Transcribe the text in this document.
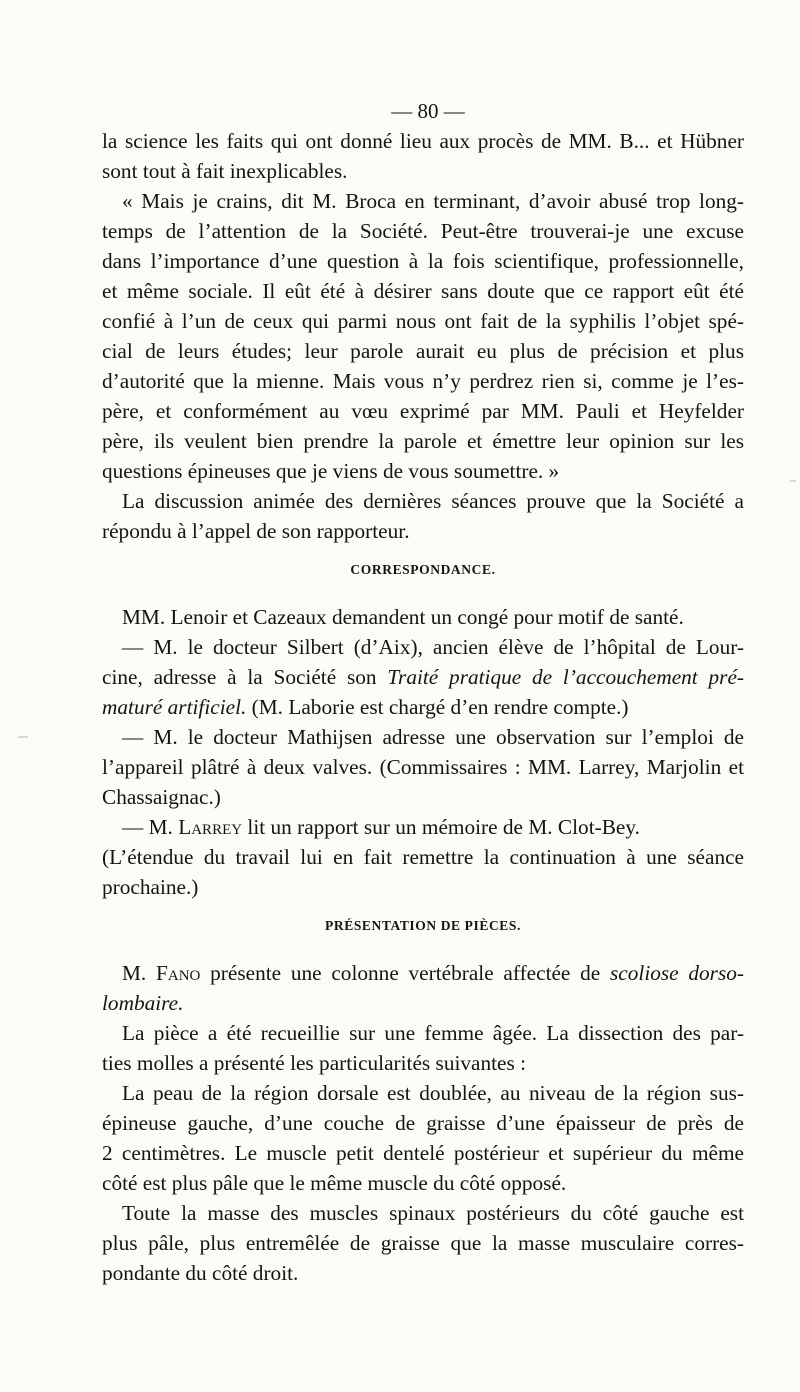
— 80 —
la science les faits qui ont donné lieu aux procès de MM. B... et Hübner
sont tout à fait inexplicables.
« Mais je crains, dit M. Broca en terminant, d’avoir abusé trop long-
temps de l’attention de la Société. Peut-être trouverai-je une excuse
dans l’importance d’une question à la fois scientifique, professionnelle,
et même sociale. Il eût été à désirer sans doute que ce rapport eût été
confié à l’un de ceux qui parmi nous ont fait de la syphilis l’objet spé-
cial de leurs études; leur parole aurait eu plus de précision et plus
d’autorité que la mienne. Mais vous n’y perdrez rien si, comme je l’es-
père, et conformément au vœu exprimé par MM. Pauli et Heyfelder
père, ils veulent bien prendre la parole et émettre leur opinion sur les
questions épineuses que je viens de vous soumettre. »
La discussion animée des dernières séances prouve que la Société a
répondu à l’appel de son rapporteur.
CORRESPONDANCE.
MM. Lenoir et Cazeaux demandent un congé pour motif de santé.
— M. le docteur Silbert (d’Aix), ancien élève de l’hôpital de Lour-
cine, adresse à la Société son Traité pratique de l’accouchement pré-
maturé artificiel. (M. Laborie est chargé d’en rendre compte.)
— M. le docteur Mathijsen adresse une observation sur l’emploi de
l’appareil plâtré à deux valves. (Commissaires : MM. Larrey, Marjolin et
Chassaignac.)
— M. Larrey lit un rapport sur un mémoire de M. Clot-Bey.
(L’étendue du travail lui en fait remettre la continuation à une séance
prochaine.)
PRÉSENTATION DE PIÈCES.
M. Fano présente une colonne vertébrale affectée de scoliose dorso-
lombaire.
La pièce a été recueillie sur une femme âgée. La dissection des par-
ties molles a présenté les particularités suivantes :
La peau de la région dorsale est doublée, au niveau de la région sus-
épineuse gauche, d’une couche de graisse d’une épaisseur de près de
2 centimètres. Le muscle petit dentelé postérieur et supérieur du même
côté est plus pâle que le même muscle du côté opposé.
Toute la masse des muscles spinaux postérieurs du côté gauche est
plus pâle, plus entremêlée de graisse que la masse musculaire corres-
pondante du côté droit.
